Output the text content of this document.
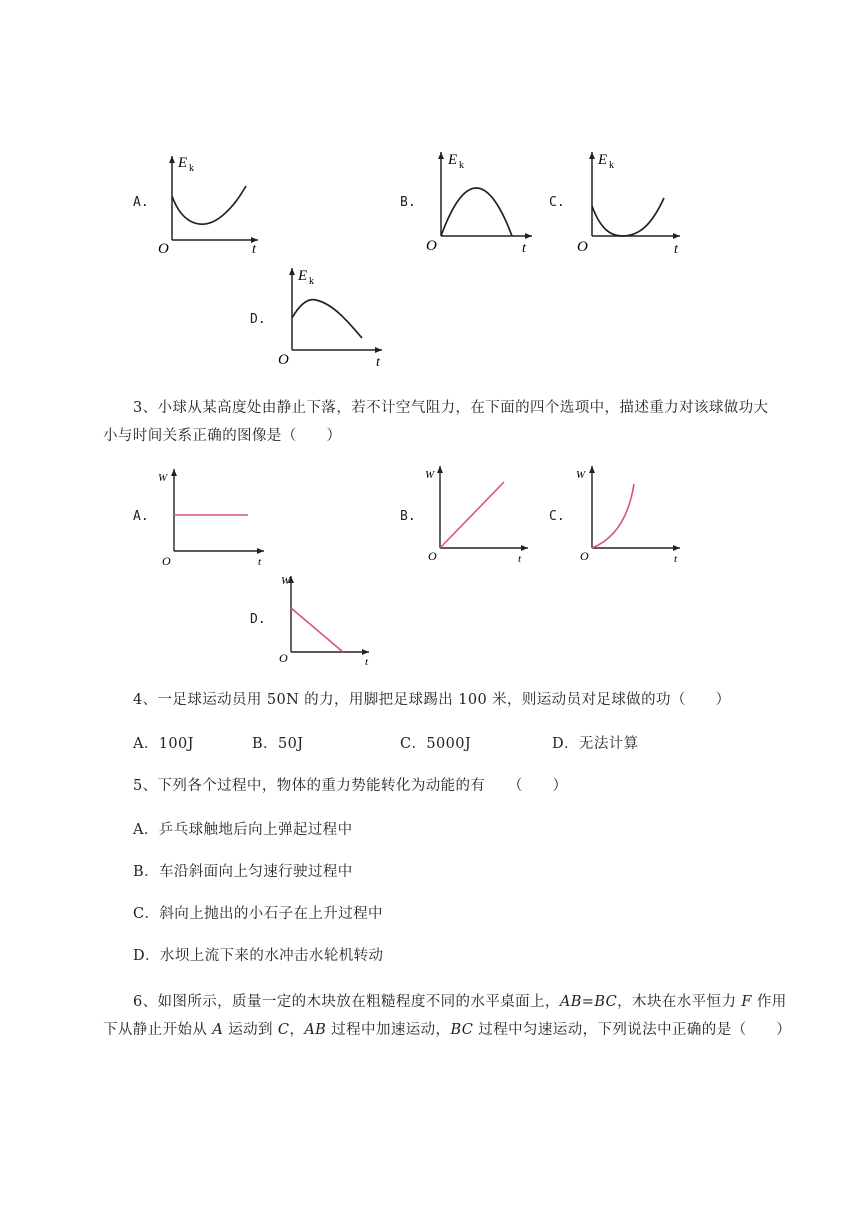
A.
E k
O	t
B.
E k
O	t
C.
E k
O	t
D.
E k
O	t
3、小球从某高度处由静止下落，若不计空气阻力，在下面的四个选项中，描述重力对该球做功大
小与时间关系正确的图像是（　　）
A.
W
O	t
B.
W
O	t
C.
W
O	t
D.
W
O	t
4、一足球运动员用 50N 的力，用脚把足球踢出 100 米，则运动员对足球做的功（　　）
A．100J	B．50J	C．5000J	D．无法计算
5、下列各个过程中，物体的重力势能转化为动能的有　　（　　）
A．乒乓球触地后向上弹起过程中
B．车沿斜面向上匀速行驶过程中
C．斜向上抛出的小石子在上升过程中
D．水坝上流下来的水冲击水轮机转动
6、如图所示，质量一定的木块放在粗糙程度不同的水平桌面上，AB=BC，木块在水平恒力 F 作用
下从静止开始从 A 运动到 C，AB 过程中加速运动，BC 过程中匀速运动，下列说法中正确的是（　　）
